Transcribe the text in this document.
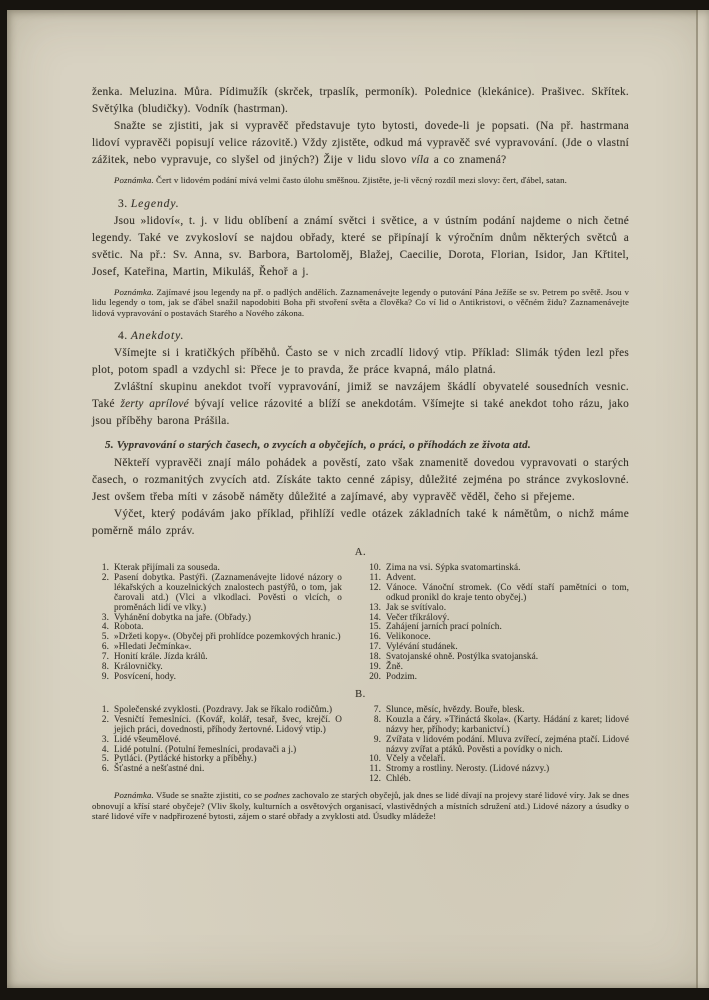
ženka. Meluzina. Můra. Pídimužík (skrček, trpaslík, permoník). Polednice (klekánice). Prašivec. Skřítek. Světýlka (bludičky). Vodník (hastrman).

Snažte se zjistiti, jak si vypravěč představuje tyto bytosti, dovede-li je popsati. (Na př. hastrmana lidoví vypravěči popisují velice rázovitě.) Vždy zjistěte, odkud má vypravěč své vypravování. (Jde o vlastní zážitek, nebo vypravuje, co slyšel od jiných?) Žije v lidu slovo víla a co znamená?

Poznámka. Čert v lidovém podání mívá velmi často úlohu směšnou. Zjistěte, je-li věcný rozdíl mezi slovy: čert, ďábel, satan.

3. Legendy.

Jsou »lidoví«, t. j. v lidu oblíbení a známí světci i světice, a v ústním podání najdeme o nich četné legendy. Také ve zvykosloví se najdou obřady, které se připínají k výročním dnům některých světců a světic. Na př.: Sv. Anna, sv. Barbora, Bartoloměj, Blažej, Caecilie, Dorota, Florian, Isidor, Jan Křtitel, Josef, Kateřina, Martin, Mikuláš, Řehoř a j.

Poznámka. Zajímavé jsou legendy na př. o padlých andělích. Zaznamenávejte legendy o putování Pána Ježíše se sv. Petrem po světě. Jsou v lidu legendy o tom, jak se ďábel snažil napodobiti Boha při stvoření světa a člověka? Co ví lid o Antikristovi, o věčném židu? Zaznamenávejte lidová vypravování o postavách Starého a Nového zákona.

4. Anekdoty.

Všímejte si i kratičkých příběhů. Často se v nich zrcadlí lidový vtip. Příklad: Slimák týden lezl přes plot, potom spadl a vzdychl si: Přece je to pravda, že práce kvapná, málo platná.

Zvláštní skupinu anekdot tvoří vypravování, jimiž se navzájem škádlí obyvatelé sousedních vesnic. Také žerty aprílové bývají velice rázovité a blíží se anekdotám. Všímejte si také anekdot toho rázu, jako jsou příběhy barona Prášila.

5. Vypravování o starých časech, o zvycích a obyčejích, o práci, o příhodách ze života atd.

Někteří vypravěči znají málo pohádek a pověstí, zato však znamenitě dovedou vypravovati o starých časech, o rozmanitých zvycích atd. Získáte takto cenné zápisy, důležité zejména po stránce zvykoslovné. Jest ovšem třeba míti v zásobě náměty důležité a zajímavé, aby vypravěč věděl, čeho si přejeme.

Výčet, který podávám jako příklad, přihlíží vedle otázek základních také k námětům, o nichž máme poměrně málo zpráv.

A.
1. Kterak přijímali za souseda.
2. Pasení dobytka. Pastýři. (Zaznamenávejte lidové názory o lékařských a kouzelnických znalostech pastýřů, o tom, jak čarovali atd.) (Vlci a vlkodlaci. Pověsti o vlcích, o proměnách lidí ve vlky.)
3. Vyhánění dobytka na jaře. (Obřady.)
4. Robota.
5. »Držeti kopy«. (Obyčej při prohlídce pozemkových hranic.)
6. »Hledati Ječmínka«.
7. Honití krále. Jízda králů.
8. Královničky.
9. Posvícení, hody.
10. Zima na vsi. Sýpka svatomartinská.
11. Advent.
12. Vánoce. Vánoční stromek. (Co vědí staří pamětníci o tom, odkud pronikl do kraje tento obyčej.)
13. Jak se svítívalo.
14. Večer tříkrálový.
15. Zahájení jarních prací polních.
16. Velikonoce.
17. Vylévání studánek.
18. Svatojanské ohně. Postýlka svatojanská.
19. Žně.
20. Podzim.
B.
1. Společenské zvyklosti. (Pozdravy. Jak se říkalo rodičům.)
2. Vesničtí řemeslníci. (Kovář, kolář, tesař, švec, krejčí. O jejich práci, dovednosti, příhody žertovné. Lidový vtip.)
3. Lidé všeumělové.
4. Lidé potulní. (Potulní řemeslníci, prodavači a j.)
5. Pytláci. (Pytlácké historky a příběhy.)
6. Šťastné a nešťastné dni.
7. Slunce, měsíc, hvězdy. Bouře, blesk.
8. Kouzla a čáry. »Třináctá škola«. (Karty. Hádání z karet; lidové názvy her, příhody; karbanictví.)
9. Zvířata v lidovém podání. Mluva zvířecí, zejména ptačí. Lidové názvy zvířat a ptáků. Pověsti a povídky o nich.
10. Včely a včelaři.
11. Stromy a rostliny. Nerosty. (Lidové názvy.)
12. Chléb.

Poznámka. Všude se snažte zjistiti, co se podnes zachovalo ze starých obyčejů, jak dnes se lidé dívají na projevy staré lidové víry. Jak se dnes obnovují a křísí staré obyčeje? (Vliv školy, kulturních a osvětových organisací, vlastivědných a místních sdružení atd.) Lidové názory a úsudky o staré lidové víře v nadpřirozené bytosti, zájem o staré obřady a zvyklosti atd. Úsudky mládeže!
